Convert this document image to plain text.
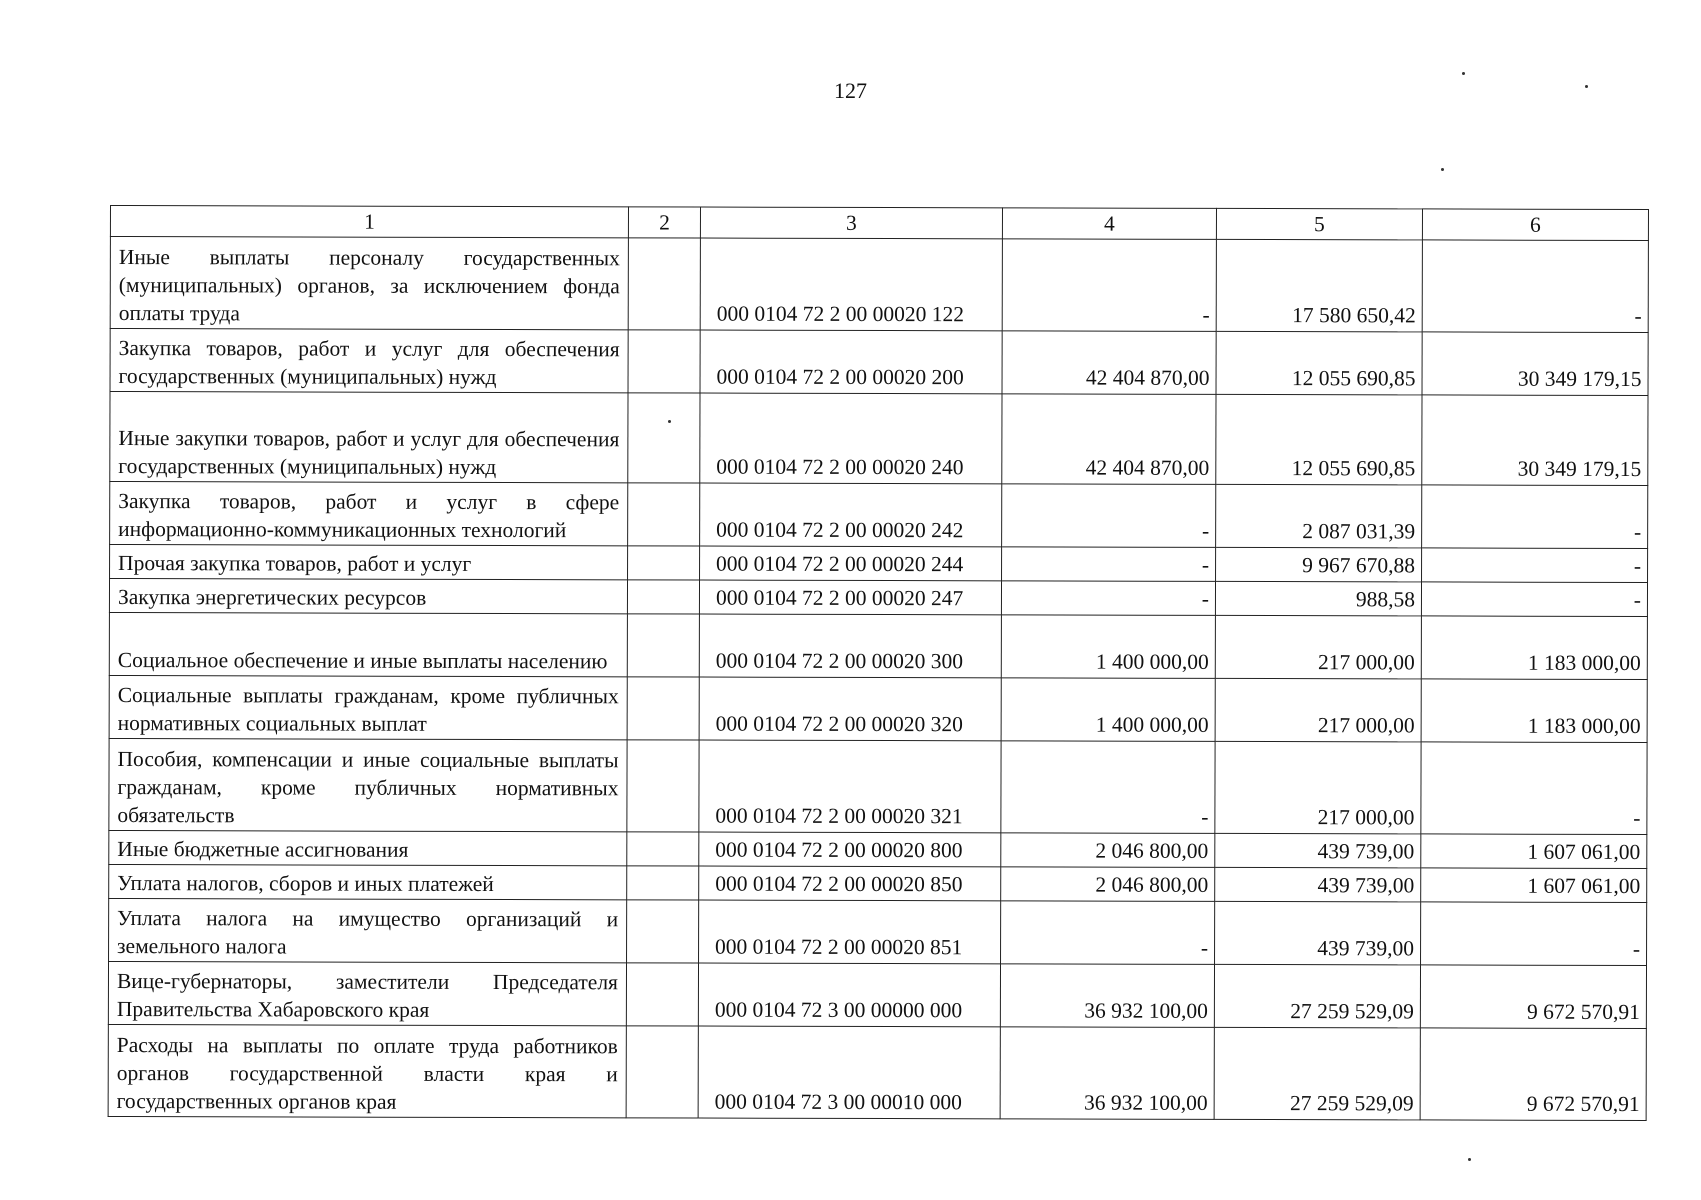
127
1	2	3	4	5	6
Иные выплаты персоналу государственных (муниципальных) органов, за исключением фонда оплаты труда		000 0104 72 2 00 00020 122	-	17 580 650,42	-
Закупка товаров, работ и услуг для обеспечения государственных (муниципальных) нужд		000 0104 72 2 00 00020 200	42 404 870,00	12 055 690,85	30 349 179,15
Иные закупки товаров, работ и услуг для обеспечения государственных (муниципальных) нужд		000 0104 72 2 00 00020 240	42 404 870,00	12 055 690,85	30 349 179,15
Закупка товаров, работ и услуг в сфере информационно-коммуникационных технологий		000 0104 72 2 00 00020 242	-	2 087 031,39	-
Прочая закупка товаров, работ и услуг		000 0104 72 2 00 00020 244	-	9 967 670,88	-
Закупка энергетических ресурсов		000 0104 72 2 00 00020 247	-	988,58	-
Социальное обеспечение и иные выплаты населению		000 0104 72 2 00 00020 300	1 400 000,00	217 000,00	1 183 000,00
Социальные выплаты гражданам, кроме публичных нормативных социальных выплат		000 0104 72 2 00 00020 320	1 400 000,00	217 000,00	1 183 000,00
Пособия, компенсации и иные социальные выплаты гражданам, кроме публичных нормативных обязательств		000 0104 72 2 00 00020 321	-	217 000,00	-
Иные бюджетные ассигнования		000 0104 72 2 00 00020 800	2 046 800,00	439 739,00	1 607 061,00
Уплата налогов, сборов и иных платежей		000 0104 72 2 00 00020 850	2 046 800,00	439 739,00	1 607 061,00
Уплата налога на имущество организаций и земельного налога		000 0104 72 2 00 00020 851	-	439 739,00	-
Вице-губернаторы, заместители Председателя Правительства Хабаровского края		000 0104 72 3 00 00000 000	36 932 100,00	27 259 529,09	9 672 570,91
Расходы на выплаты по оплате труда работников органов государственной власти края и государственных органов края		000 0104 72 3 00 00010 000	36 932 100,00	27 259 529,09	9 672 570,91
